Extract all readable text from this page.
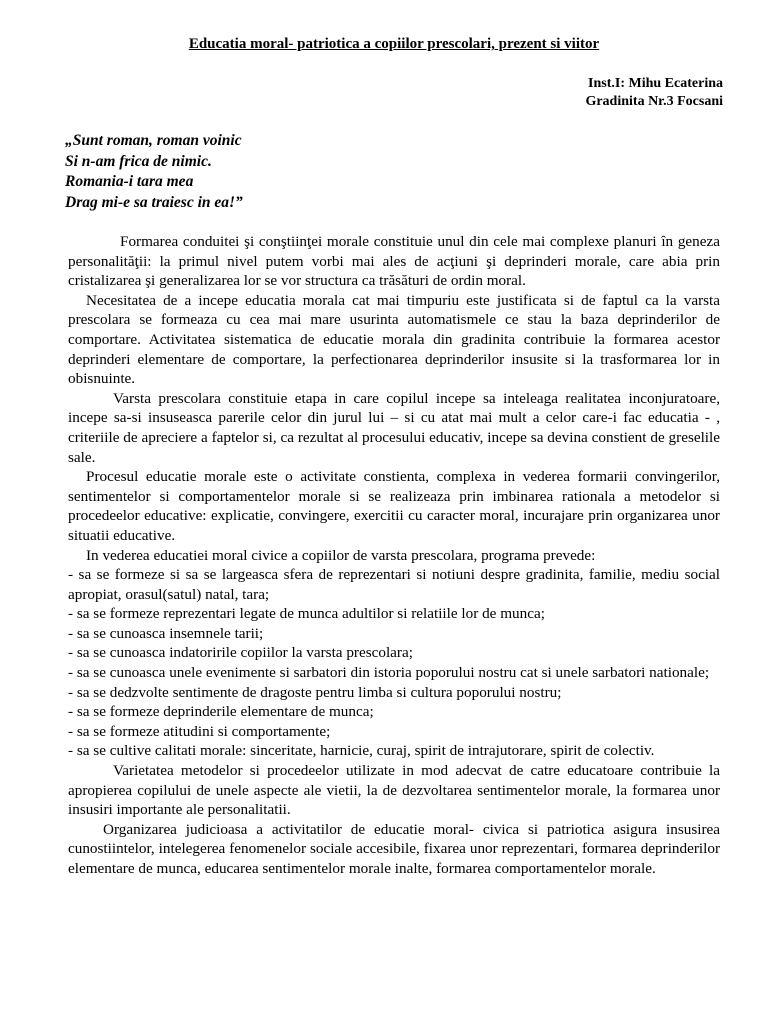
Educatia moral- patriotica a copiilor prescolari, prezent si viitor
Inst.I: Mihu Ecaterina
Gradinita Nr.3 Focsani
„Sunt roman, roman voinic
Si n-am frica de nimic.
Romania-i tara mea
Drag mi-e sa traiesc in ea!”

Formarea conduitei şi conştiinţei morale constituie unul din cele mai complexe planuri în geneza personalităţii: la primul nivel putem vorbi mai ales de acţiuni şi deprinderi morale, care abia prin cristalizarea şi generalizarea lor se vor structura ca trăsături de ordin moral.

Necesitatea de a incepe educatia morala cat mai timpuriu este justificata si de faptul ca la varsta prescolara se formeaza cu cea mai mare usurinta automatismele ce stau la baza deprinderilor de comportare. Activitatea sistematica de educatie morala din gradinita contribuie la formarea acestor deprinderi elementare de comportare, la perfectionarea deprinderilor insusite si la trasformarea lor in obisnuinte.

Varsta prescolara constituie etapa in care copilul incepe sa inteleaga realitatea inconjuratoare, incepe sa-si insuseasca parerile celor din jurul lui – si cu atat mai mult a celor care-i fac educatia - , criteriile de apreciere a faptelor si, ca rezultat al procesului educativ, incepe sa devina constient de greselile sale.

Procesul educatie morale este o activitate constienta, complexa in vederea formarii convingerilor, sentimentelor si comportamentelor morale si se realizeaza prin imbinarea rationala a metodelor si procedeelor educative: explicatie, convingere, exercitii cu caracter moral, incurajare prin organizarea unor situatii educative.

In vederea educatiei moral civice a copiilor de varsta prescolara, programa prevede:

- sa se formeze si sa se largeasca sfera de reprezentari si notiuni despre gradinita, familie, mediu social apropiat, orasul(satul) natal, tara;

- sa se formeze reprezentari legate de munca adultilor si relatiile lor de munca;

- sa se cunoasca insemnele tarii;

- sa se cunoasca indatoririle copiilor la varsta prescolara;

- sa se cunoasca unele evenimente si sarbatori din istoria poporului nostru cat si unele sarbatori nationale;

- sa se dedzvolte sentimente de dragoste pentru limba si cultura poporului nostru;

- sa se formeze deprinderile elementare de munca;

- sa se formeze atitudini si comportamente;

- sa se cultive calitati morale: sinceritate, harnicie, curaj, spirit de intrajutorare, spirit de colectiv.

Varietatea metodelor si procedeelor utilizate in mod adecvat de catre educatoare contribuie la apropierea copilului de unele aspecte ale vietii, la de dezvoltarea sentimentelor morale, la formarea unor insusiri importante ale personalitatii.

Organizarea judicioasa a activitatilor de educatie moral- civica si patriotica asigura insusirea cunostiintelor, intelegerea fenomenelor sociale accesibile, fixarea unor reprezentari, formarea deprinderilor elementare de munca, educarea sentimentelor morale inalte, formarea comportamentelor morale.
